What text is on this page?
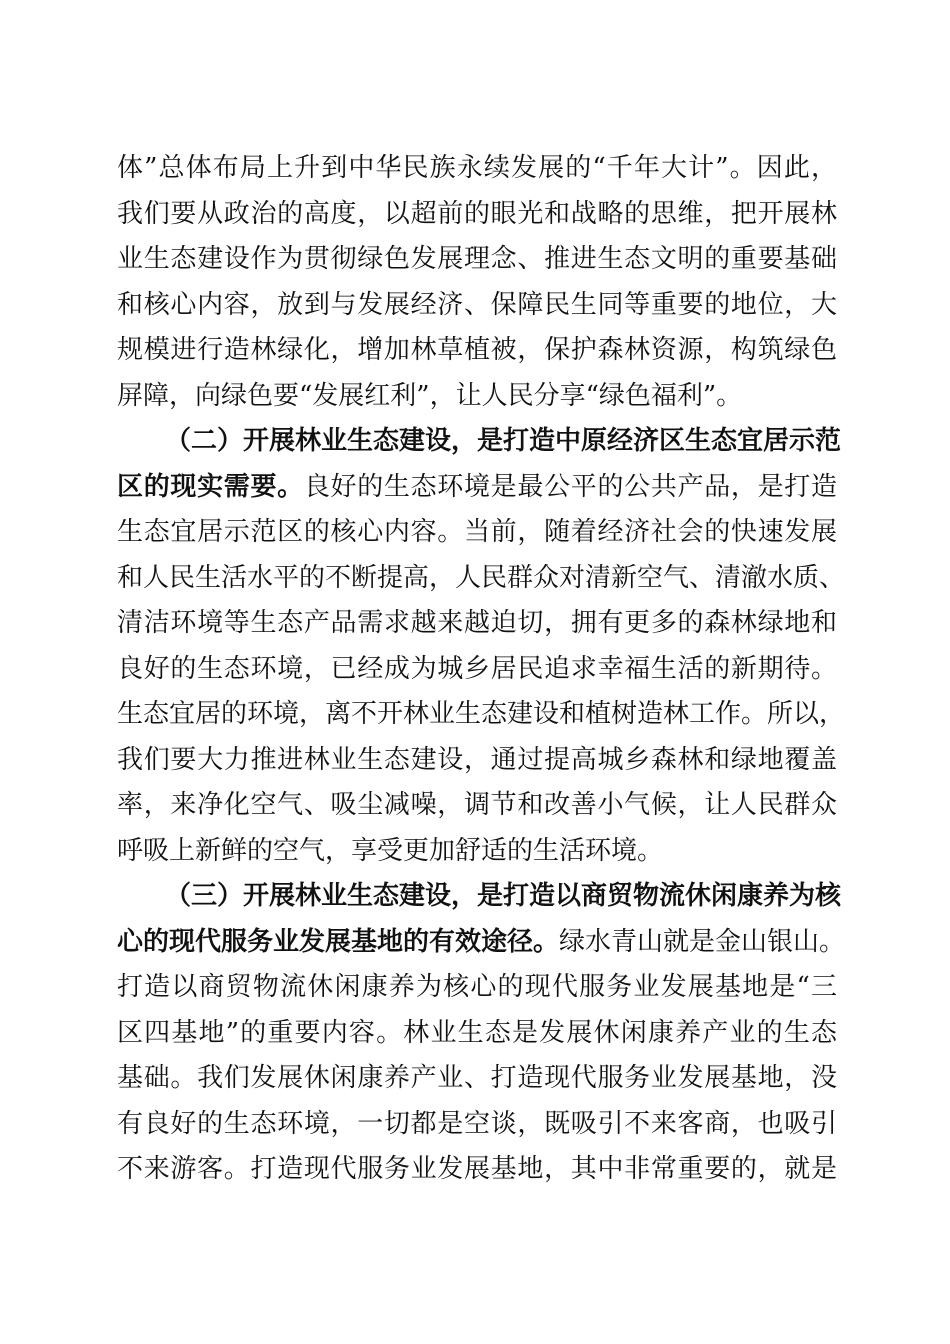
体”总体布局上升到中华民族永续发展的“千年大计”。因此，
我们要从政治的高度，以超前的眼光和战略的思维，把开展林
业生态建设作为贯彻绿色发展理念、推进生态文明的重要基础
和核心内容，放到与发展经济、保障民生同等重要的地位，大
规模进行造林绿化，增加林草植被，保护森林资源，构筑绿色
屏障，向绿色要“发展红利”，让人民分享“绿色福利”。
（二）开展林业生态建设，是打造中原经济区生态宜居示范
区的现实需要。良好的生态环境是最公平的公共产品，是打造
生态宜居示范区的核心内容。当前，随着经济社会的快速发展
和人民生活水平的不断提高，人民群众对清新空气、清澈水质、
清洁环境等生态产品需求越来越迫切，拥有更多的森林绿地和
良好的生态环境，已经成为城乡居民追求幸福生活的新期待。
生态宜居的环境，离不开林业生态建设和植树造林工作。所以，
我们要大力推进林业生态建设，通过提高城乡森林和绿地覆盖
率，来净化空气、吸尘减噪，调节和改善小气候，让人民群众
呼吸上新鲜的空气，享受更加舒适的生活环境。
（三）开展林业生态建设，是打造以商贸物流休闲康养为核
心的现代服务业发展基地的有效途径。绿水青山就是金山银山。
打造以商贸物流休闲康养为核心的现代服务业发展基地是“三
区四基地”的重要内容。林业生态是发展休闲康养产业的生态
基础。我们发展休闲康养产业、打造现代服务业发展基地，没
有良好的生态环境，一切都是空谈，既吸引不来客商，也吸引
不来游客。打造现代服务业发展基地，其中非常重要的，就是
